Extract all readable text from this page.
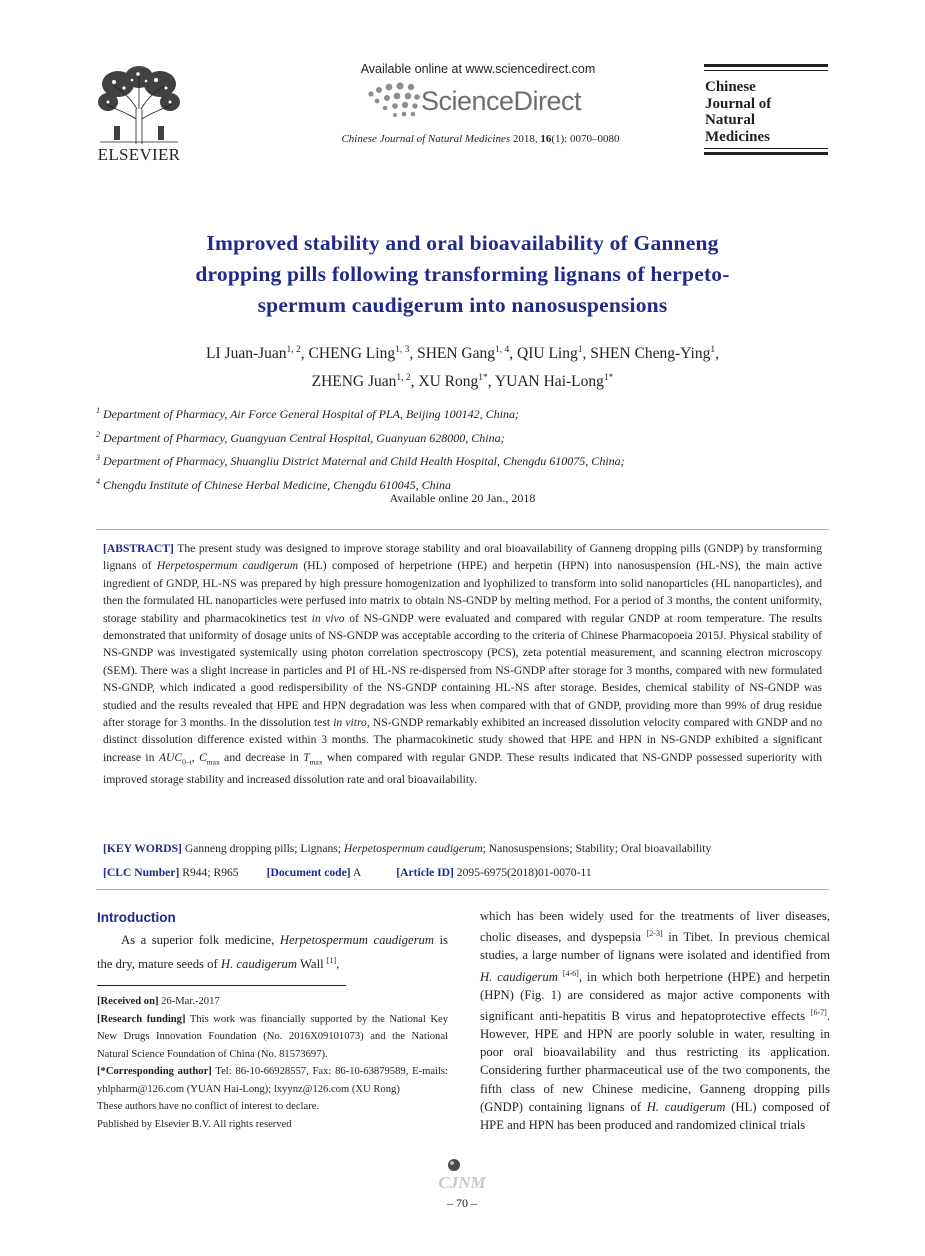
ELSEVIER
Available online at www.sciencedirect.com
ScienceDirect
Chinese Journal of Natural Medicines 2018, 16(1): 0070–0080
Chinese
Journal of
Natural
Medicines
Improved stability and oral bioavailability of Ganneng
dropping pills following transforming lignans of herpeto-
spermum caudigerum into nanosuspensions
LI Juan-Juan$^{1, 2}$, CHENG Ling$^{1, 3}$, SHEN Gang$^{1, 4}$, QIU Ling$^1$, SHEN Cheng-Ying$^1$,
ZHENG Juan$^{1, 2}$, XU Rong$^{1*}$, YUAN Hai-Long$^{1*}$
$^1$ Department of Pharmacy, Air Force General Hospital of PLA, Beijing 100142, China;
$^2$ Department of Pharmacy, Guangyuan Central Hospital, Guanyuan 628000, China;
$^3$ Department of Pharmacy, Shuangliu District Maternal and Child Health Hospital, Chengdu 610075, China;
$^4$ Chengdu Institute of Chinese Herbal Medicine, Chengdu 610045, China
Available online 20 Jan., 2018
[ABSTRACT] The present study was designed to improve storage stability and oral bioavailability of Ganneng dropping pills (GNDP) by transforming lignans of Herpetospermum caudigerum (HL) composed of herpetrione (HPE) and herpetin (HPN) into nanosuspension (HL-NS), the main active ingredient of GNDP, HL-NS was prepared by high pressure homogenization and lyophilized to transform into solid nanoparticles (HL nanoparticles), and then the formulated HL nanoparticles were perfused into matrix to obtain NS-GNDP by melting method. For a period of 3 months, the content uniformity, storage stability and pharmacokinetics test in vivo of NS-GNDP were evaluated and compared with regular GNDP at room temperature. The results demonstrated that uniformity of dosage units of NS-GNDP was acceptable according to the criteria of Chinese Pharmacopoeia 2015J. Physical stability of NS-GNDP was investigated systemically using photon correlation spectroscopy (PCS), zeta potential measurement, and scanning electron microscopy (SEM). There was a slight increase in particles and PI of HL-NS re-dispersed from NS-GNDP after storage for 3 months, compared with new formulated NS-GNDP, which indicated a good redispersibility of the NS-GNDP containing HL-NS after storage. Besides, chemical stability of NS-GNDP was studied and the results revealed that HPE and HPN degradation was less when compared with that of GNDP, providing more than 99% of drug residue after storage for 3 months. In the dissolution test in vitro, NS-GNDP remarkably exhibited an increased dissolution velocity compared with GNDP and no distinct dissolution difference existed within 3 months. The pharmacokinetic study showed that HPE and HPN in NS-GNDP exhibited a significant increase in $AUC_{0-t}$, $C_{max}$ and decrease in $T_{max}$ when compared with regular GNDP. These results indicated that NS-GNDP possessed superiority with improved storage stability and increased dissolution rate and oral bioavailability.
[KEY WORDS] Ganneng dropping pills; Lignans; Herpetospermum caudigerum; Nanosuspensions; Stability; Oral bioavailability
[CLC Number] R944; R965 [Document code] A	[Article ID] 2095-6975(2018)01-0070-11
Introduction
As a superior folk medicine, Herpetospermum caudigerum is the dry, mature seeds of H. caudigerum Wall [1],
[Received on] 26-Mar.-2017
[Research funding] This work was financially supported by the National Key New Drugs Innovation Foundation (No. 2016X09101073) and the National Natural Science Foundation of China (No. 81573697).
[*Corresponding author] Tel: 86-10-66928557, Fax: 86-10-63879589, E-mails: yhlpharm@126.com (YUAN Hai-Long); lxyynz@126.com (XU Rong)
These authors have no conflict of interest to declare.
Published by Elsevier B.V. All rights reserved
which has been widely used for the treatments of liver diseases, cholic diseases, and dyspepsia [2-3] in Tibet. In previous chemical studies, a large number of lignans were isolated and identified from H. caudigerum [4-6], in which both herpetrione (HPE) and herpetin (HPN) (Fig. 1) are considered as major active components with significant anti-hepatitis B virus and hepatoprotective effects [6-7]. However, HPE and HPN are poorly soluble in water, resulting in poor oral bioavailability and thus restricting its application. Considering further pharmaceutical use of the two components, the fifth class of new Chinese medicine, Ganneng dropping pills (GNDP) containing lignans of H. caudigerum (HL) composed of HPE and HPN has been produced and randomized clinical trials
CJNM
– 70 –
